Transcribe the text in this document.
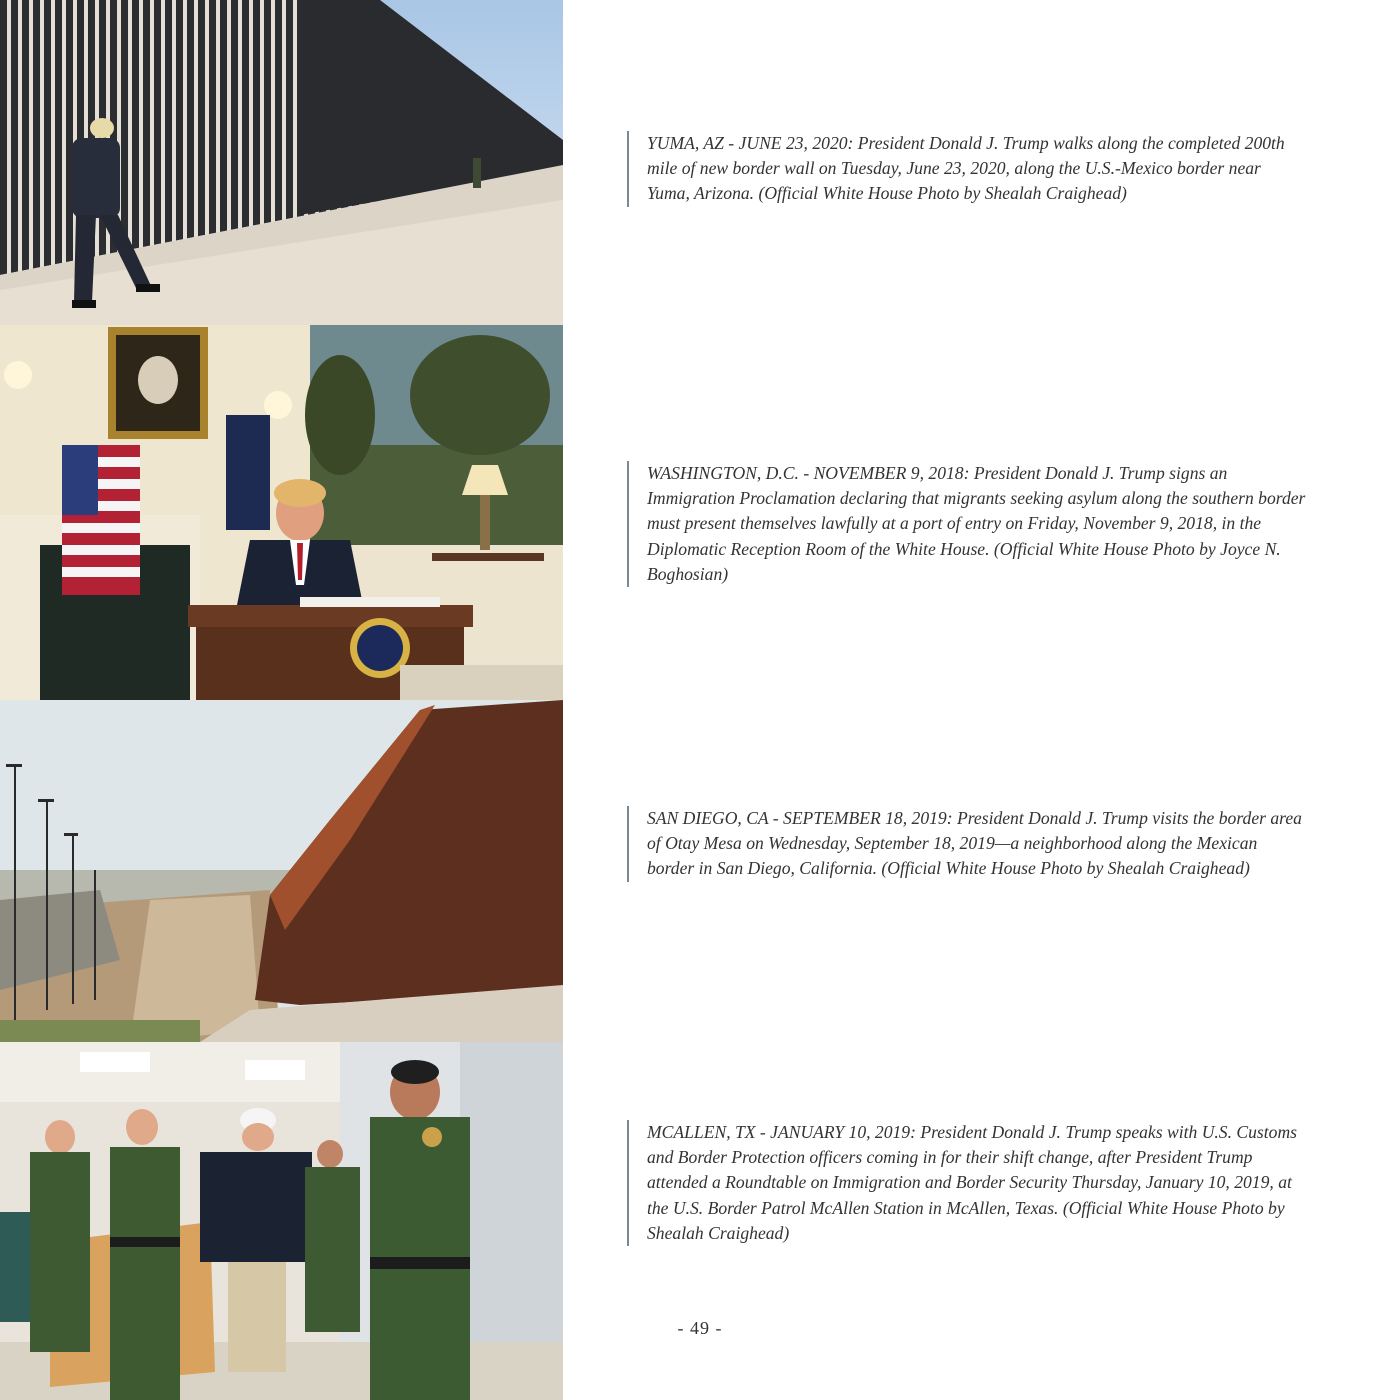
YUMA, AZ - JUNE 23, 2020: President Donald J. Trump walks along the completed 200th mile of new border wall on Tuesday, June 23, 2020, along the U.S.-Mexico border near Yuma, Arizona. (Official White House Photo by Shealah Craighead)
WASHINGTON, D.C. - NOVEMBER 9, 2018: President Donald J. Trump signs an Immigration Proclamation declaring that migrants seeking asylum along the southern border must present themselves lawfully at a port of entry on Friday, November 9, 2018, in the Diplomatic Reception Room of the White House. (Official White House Photo by Joyce N. Boghosian)
SAN DIEGO, CA - SEPTEMBER 18, 2019: President Donald J. Trump visits the border area of Otay Mesa on Wednesday, September 18, 2019—a neighborhood along the Mexican border in San Diego, California. (Official White House Photo by Shealah Craighead)
MCALLEN, TX - JANUARY 10, 2019: President Donald J. Trump speaks with U.S. Customs and Border Protection officers coming in for their shift change, after President Trump attended a Roundtable on Immigration and Border Security Thursday, January 10, 2019, at the U.S. Border Patrol McAllen Station in McAllen, Texas. (Official White House Photo by Shealah Craighead)
- 49 -
